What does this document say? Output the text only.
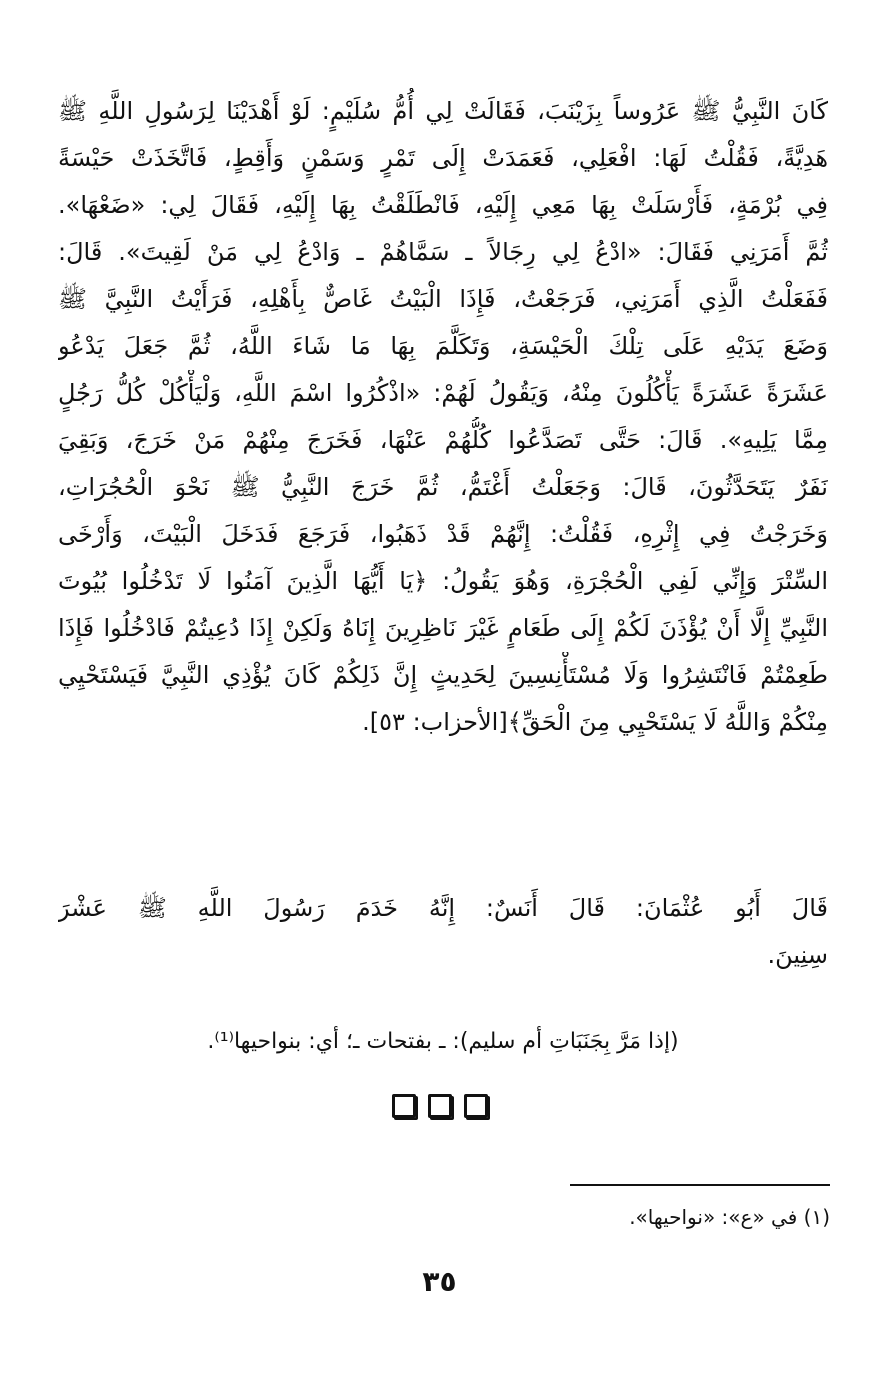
كَانَ النَّبِيُّ ﷺ عَرُوساً بِزَيْنَبَ، فَقَالَتْ لِي أُمُّ سُلَيْمٍ: لَوْ أَهْدَيْنَا لِرَسُولِ اللَّهِ ﷺ
هَدِيَّةً، فَقُلْتُ لَهَا: افْعَلِي، فَعَمَدَتْ إِلَى تَمْرٍ وَسَمْنٍ وَأَقِطٍ، فَاتَّخَذَتْ حَيْسَةً
فِي بُرْمَةٍ، فَأَرْسَلَتْ بِهَا مَعِي إِلَيْهِ، فَانْطَلَقْتُ بِهَا إِلَيْهِ، فَقَالَ لِي: «ضَعْهَا».
ثُمَّ أَمَرَنِي فَقَالَ: «ادْعُ لِي رِجَالاً ـ سَمَّاهُمْ ـ وَادْعُ لِي مَنْ لَقِيتَ». قَالَ:
فَفَعَلْتُ الَّذِي أَمَرَنِي، فَرَجَعْتُ، فَإِذَا الْبَيْتُ غَاصٌّ بِأَهْلِهِ، فَرَأَيْتُ النَّبِيَّ ﷺ
وَضَعَ يَدَيْهِ عَلَى تِلْكَ الْحَيْسَةِ، وَتَكَلَّمَ بِهَا مَا شَاءَ اللَّهُ، ثُمَّ جَعَلَ يَدْعُو
عَشَرَةً عَشَرَةً يَأْكُلُونَ مِنْهُ، وَيَقُولُ لَهُمْ: «اذْكُرُوا اسْمَ اللَّهِ، وَلْيَأْكُلْ كُلُّ رَجُلٍ
مِمَّا يَلِيهِ». قَالَ: حَتَّى تَصَدَّعُوا كُلُّهُمْ عَنْهَا، فَخَرَجَ مِنْهُمْ مَنْ خَرَجَ، وَبَقِيَ
نَفَرٌ يَتَحَدَّثُونَ، قَالَ: وَجَعَلْتُ أَغْتَمُّ، ثُمَّ خَرَجَ النَّبِيُّ ﷺ نَحْوَ الْحُجُرَاتِ،
وَخَرَجْتُ فِي إِثْرِهِ، فَقُلْتُ: إِنَّهُمْ قَدْ ذَهَبُوا، فَرَجَعَ فَدَخَلَ الْبَيْتَ، وَأَرْخَى
السِّتْرَ وَإِنِّي لَفِي الْحُجْرَةِ، وَهُوَ يَقُولُ: ﴿يَا أَيُّهَا الَّذِينَ آمَنُوا لَا تَدْخُلُوا بُيُوتَ
النَّبِيِّ إِلَّا أَنْ يُؤْذَنَ لَكُمْ إِلَى طَعَامٍ غَيْرَ نَاظِرِينَ إِنَاهُ وَلَكِنْ إِذَا دُعِيتُمْ فَادْخُلُوا فَإِذَا
طَعِمْتُمْ فَانْتَشِرُوا وَلَا مُسْتَأْنِسِينَ لِحَدِيثٍ إِنَّ ذَلِكُمْ كَانَ يُؤْذِي النَّبِيَّ فَيَسْتَحْيِي
مِنْكُمْ وَاللَّهُ لَا يَسْتَحْيِي مِنَ الْحَقِّ﴾[الأحزاب: ٥٣].
قَالَ أَبُو عُثْمَانَ: قَالَ أَنَسٌ: إِنَّهُ خَدَمَ رَسُولَ اللَّهِ ﷺ عَشْرَ
سِنِينَ.
(إذا مَرَّ بِجَنَبَاتِ أم سليم): ـ بفتحات ـ؛ أي: بنواحيها⁽¹⁾.
(١) في «ع»: «نواحيها».
٣٥
